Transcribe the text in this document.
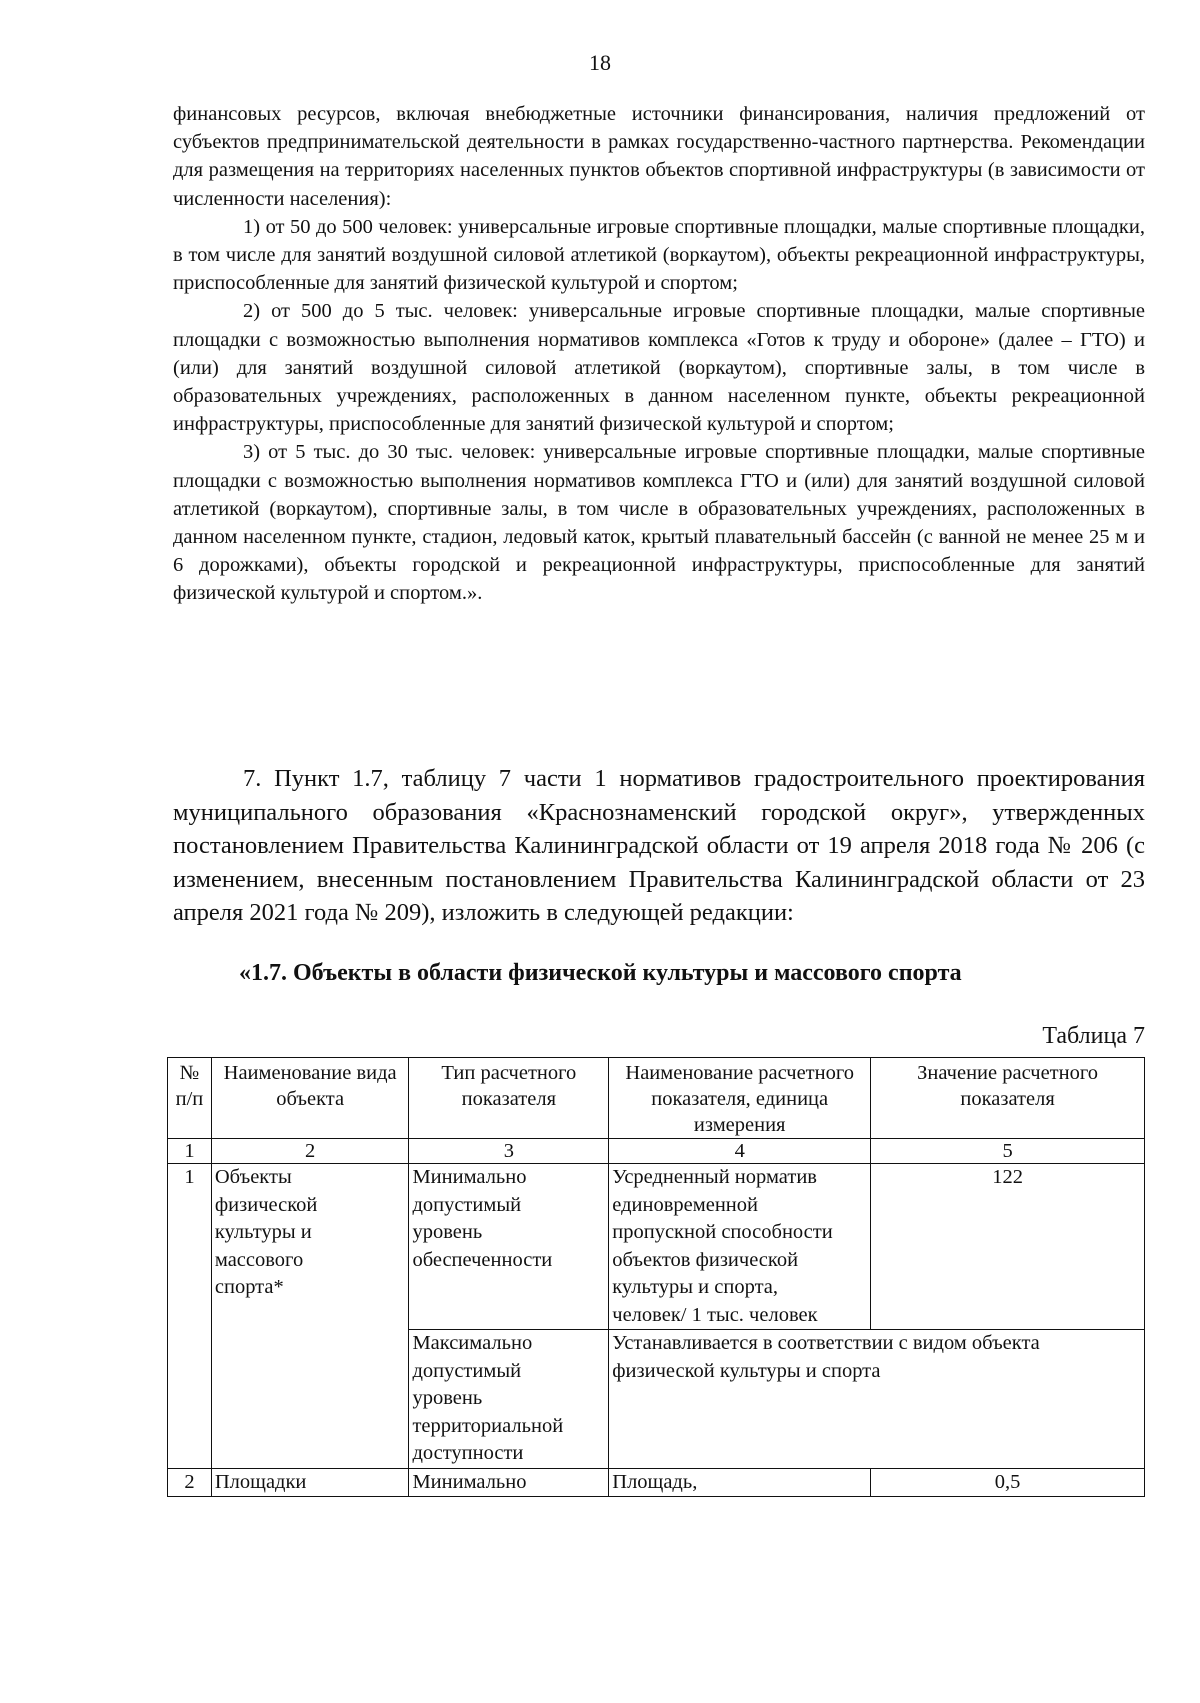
18

финансовых ресурсов, включая внебюджетные источники финансирования, наличия предложений от субъектов предпринимательской деятельности в рамках государственно-частного партнерства. Рекомендации для размещения на территориях населенных пунктов объектов спортивной инфраструктуры (в зависимости от численности населения):

1) от 50 до 500 человек: универсальные игровые спортивные площадки, малые спортивные площадки, в том числе для занятий воздушной силовой атлетикой (воркаутом), объекты рекреационной инфраструктуры, приспособленные для занятий физической культурой и спортом;

2) от 500 до 5 тыс. человек: универсальные игровые спортивные площадки, малые спортивные площадки с возможностью выполнения нормативов комплекса «Готов к труду и обороне» (далее – ГТО) и (или) для занятий воздушной силовой атлетикой (воркаутом), спортивные залы, в том числе в образовательных учреждениях, расположенных в данном населенном пункте, объекты рекреационной инфраструктуры, приспособленные для занятий физической культурой и спортом;

3) от 5 тыс. до 30 тыс. человек: универсальные игровые спортивные площадки, малые спортивные площадки с возможностью выполнения нормативов комплекса ГТО и (или) для занятий воздушной силовой атлетикой (воркаутом), спортивные залы, в том числе в образовательных учреждениях, расположенных в данном населенном пункте, стадион, ледовый каток, крытый плавательный бассейн (с ванной не менее 25 м и 6 дорожками), объекты городской и рекреационной инфраструктуры, приспособленные для занятий физической культурой и спортом.».

7. Пункт 1.7, таблицу 7 части 1 нормативов градостроительного проектирования муниципального образования «Краснознаменский городской округ», утвержденных постановлением Правительства Калининградской области от 19 апреля 2018 года № 206 (с изменением, внесенным постановлением Правительства Калининградской области от 23 апреля 2021 года № 209), изложить в следующей редакции:

«1.7. Объекты в области физической культуры и массового спорта
Таблица 7
№ п/п	Наименование вида объекта	Тип расчетного показателя	Наименование расчетного показателя, единица измерения	Значение расчетного показателя
1	2	3	4	5
1	Объекты физической культуры и массового спорта*	Минимально допустимый уровень обеспеченности	Усредненный норматив единовременной пропускной способности объектов физической культуры и спорта, человек/ 1 тыс. человек	122

		Максимально допустимый уровень территориальной доступности	Устанавливается в соответствии с видом объекта физической культуры и спорта	
2	Площадки	Минимально	Площадь,	0,5
